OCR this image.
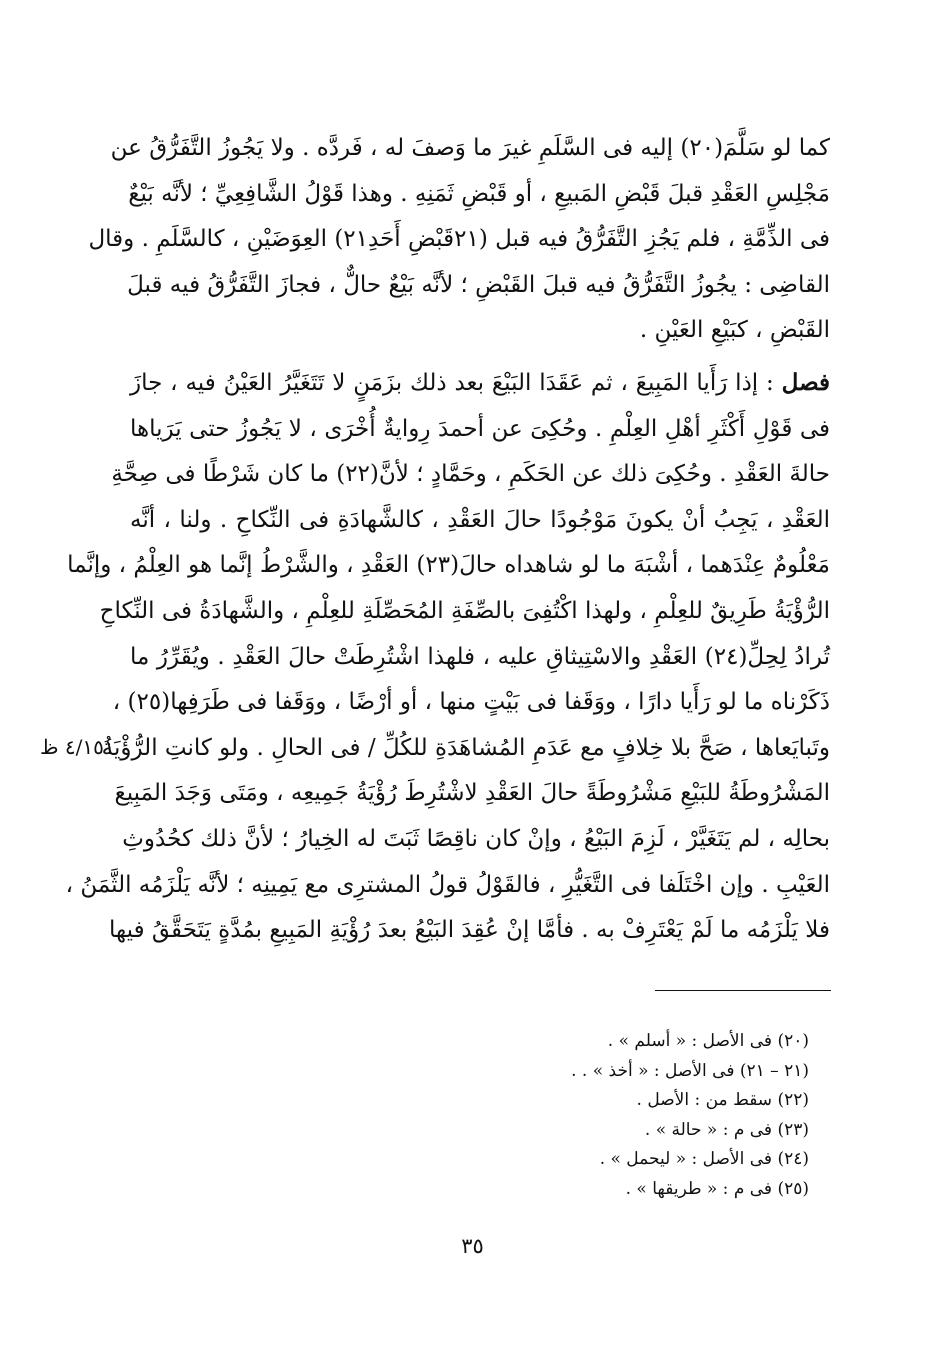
كما لو سَلَّمَ(٢٠) إليه فى السَّلَمِ غيرَ ما وَصفَ له ، فَردَّه . ولا يَجُوزُ التَّفَرُّقُ عن
مَجْلِسِ العَقْدِ قبلَ قَبْضِ المَبيعِ ، أو قَبْضِ ثَمَنِهِ . وهذا قَوْلُ الشَّافِعِيِّ ؛ لأنَّه بَيْعٌ
فى الذِّمَّةِ ، فلم يَجُزِ التَّفَرُّقُ فيه قبل (٢١قَبْضِ أَحَدِ٢١) العِوَضَيْنِ ، كالسَّلَمِ . وقال
القاضِى : يجُوزُ التَّفَرُّقُ فيه قبلَ القَبْضِ ؛ لأنَّه بَيْعٌ حالٌّ ، فجازَ التَّفَرُّقُ فيه قبلَ
القَبْضِ ، كبَيْعِ العَيْنِ .

فصل : إذا رَأَيا المَبِيعَ ، ثم عَقَدَا البَيْعَ بعد ذلك بزَمَنٍ لا تَتَغَيَّرُ العَيْنُ فيه ، جازَ
فى قَوْلِ أَكْثَرِ أهْلِ العِلْمِ . وحُكِىَ عن أحمدَ رِوايةٌ أُخْرَى ، لا يَجُوزُ حتى يَرَياها
حالةَ العَقْدِ . وحُكِىَ ذلك عن الحَكَمِ ، وحَمَّادٍ ؛ لأنَّ(٢٢) ما كان شَرْطًا فى صِحَّةِ
العَقْدِ ، يَجِبُ أنْ يكونَ مَوْجُودًا حالَ العَقْدِ ، كالشَّهادَةِ فى النِّكاحِ . ولنا ، أنَّه
مَعْلُومٌ عِنْدَهما ، أشْبَهَ ما لو شاهداه حالَ(٢٣) العَقْدِ ، والشَّرْطُ إنَّما هو العِلْمُ ، وإنَّما
الرُّؤْيَةُ طَرِيقٌ للعِلْمِ ، ولهذا اكْتُفِىَ بالصِّفَةِ المُحَصِّلَةِ للعِلْمِ ، والشَّهادَةُ فى النِّكاحِ
تُرادُ لِحِلِّ(٢٤) العَقْدِ والاسْتِيثاقِ عليه ، فلهذا اشْتُرِطَتْ حالَ العَقْدِ . ويُقَرِّرُ ما
ذَكَرْناه ما لو رَأَيا دارًا ، ووَقَفا فى بَيْتٍ منها ، أو أرْضًا ، ووَقَفا فى طَرَفِها(٢٥) ،
وتَبايَعاها ، صَحَّ بلا خِلافٍ مع عَدَمِ المُشاهَدَةِ للكُلِّ / فى الحالِ . ولو كانتِ الرُّؤْيَةُ
المَشْرُوطَةُ للبَيْعِ مَشْرُوطَةً حالَ العَقْدِ لاشْتُرِطَ رُؤْيَةُ جَمِيعِه ، ومَتَى وَجَدَ المَبِيعَ
بحالِه ، لم يَتَغَيَّرْ ، لَزِمَ البَيْعُ ، وإنْ كان ناقِصًا ثَبَتَ له الخِيارُ ؛ لأنَّ ذلك كحُدُوثِ
العَيْبِ . وإن اخْتَلَفا فى التَّغَيُّرِ ، فالقَوْلُ قولُ المشترِى مع يَمِينِه ؛ لأنَّه يَلْزَمُه الثَّمَنُ ،
فلا يَلْزَمُه ما لَمْ يَعْتَرِفْ به . فأمَّا إنْ عُقِدَ البَيْعُ بعدَ رُؤْيَةِ المَبِيعِ بمُدَّةٍ يَتَحَقَّقُ فيها

٤/١٥١ ظ
(٢٠) فى الأصل : « أسلم » .
(٢١ – ٢١) فى الأصل : « أخذ » . .
(٢٢) سقط من : الأصل .
(٢٣) فى م : « حالة » .
(٢٤) فى الأصل : « ليحمل » .
(٢٥) فى م : « طريقها » .
٣٥
